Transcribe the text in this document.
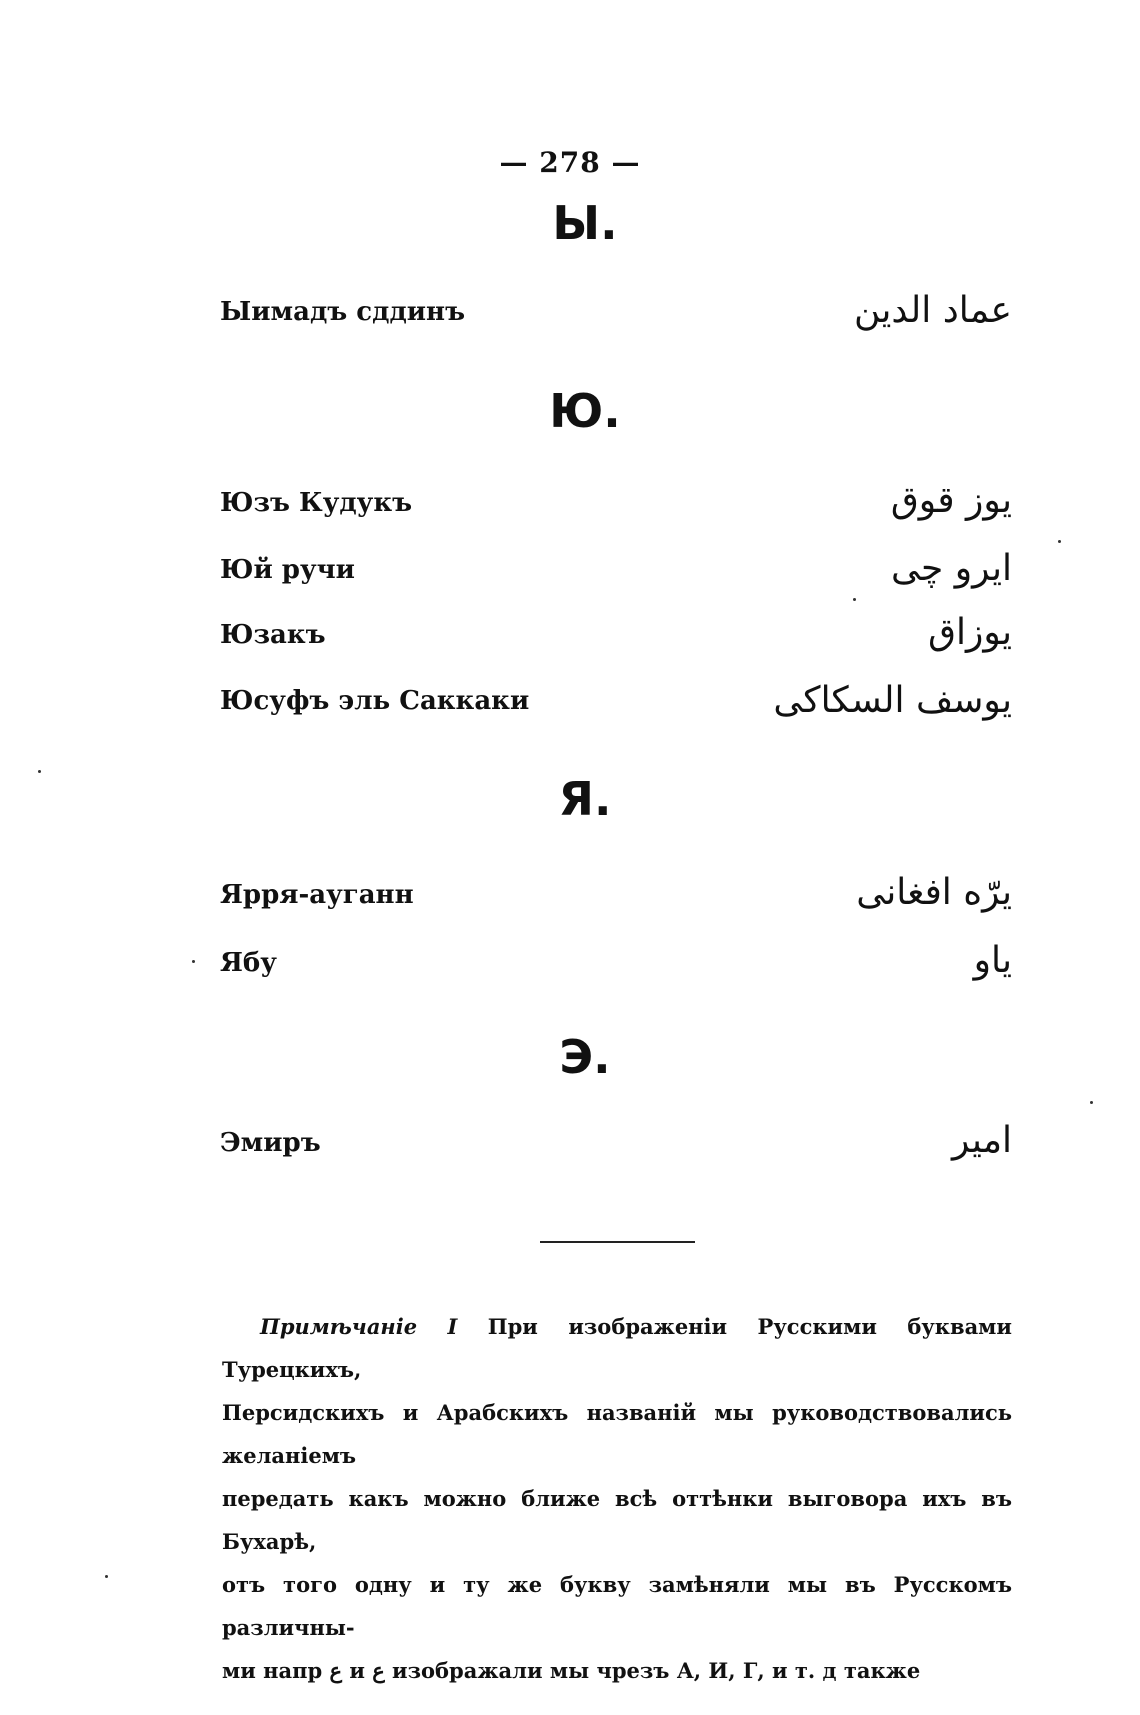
— 278 —
Ы.
Ыимадъ сддинъ	عماد الدین
Ю.
Юзъ Кудукъ	یوز قوق
Юй ручи	ایرو چی
Юзакъ	یوزاق
Юсуфъ эль Саккаки	یوسف السکاکی
Я.
Ярря-ауганн	یرّه افغانی
Ябу	یاو
Э.
Эмиръ	امیر
Примѣчанiе I При изображенiи Русскими буквами Турецкихъ,
Персидскихъ и Арабскихъ названiй мы руководствовались желанiемъ
передать какъ можно ближе всѣ оттѣнки выговора ихъ въ Бухарѣ,
отъ того одну и ту же букву замѣняли мы въ Русскомъ различны-
ми напр ع и ع изображали мы чрезъ А, И, Г, и т. д также
